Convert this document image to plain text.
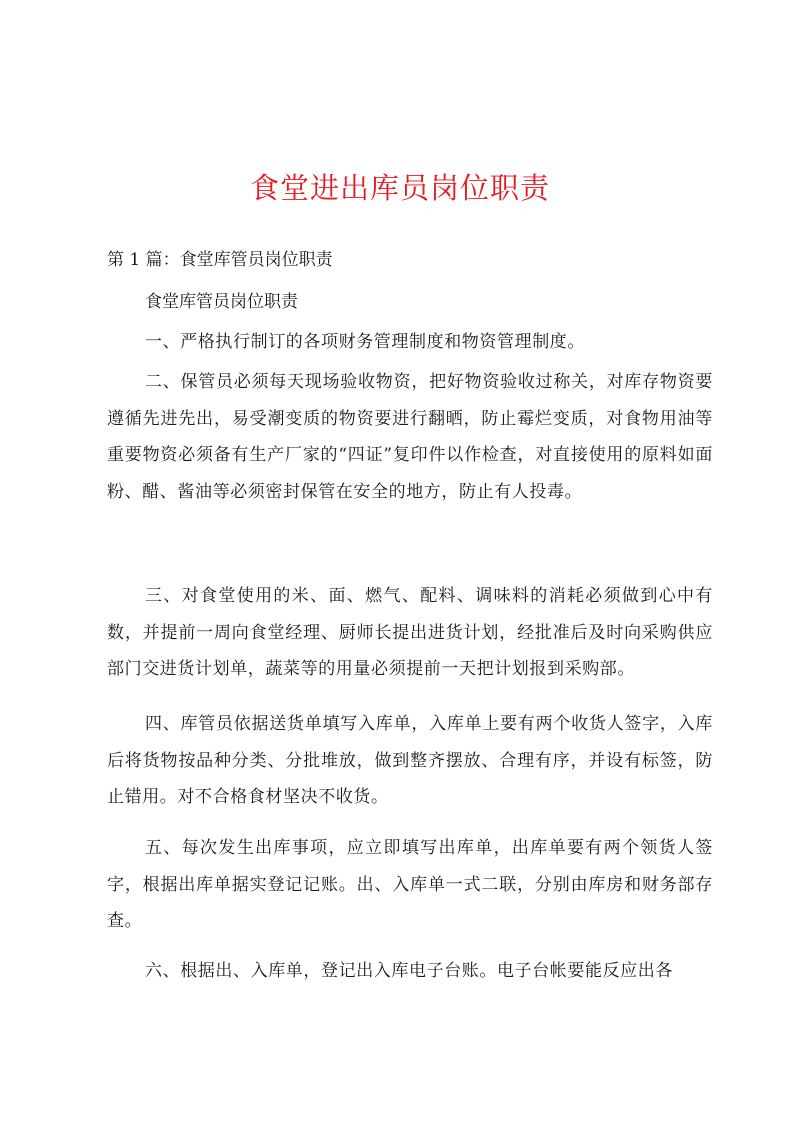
食堂进出库员岗位职责
第 1 篇：食堂库管员岗位职责

食堂库管员岗位职责

一、严格执行制订的各项财务管理制度和物资管理制度。

二、保管员必须每天现场验收物资，把好物资验收过称关，对库存物资要遵循先进先出，易受潮变质的物资要进行翻晒，防止霉烂变质，对食物用油等重要物资必须备有生产厂家的“四证”复印件以作检查，对直接使用的原料如面粉、醋、酱油等必须密封保管在安全的地方，防止有人投毒。

三、对食堂使用的米、面、燃气、配料、调味料的消耗必须做到心中有数，并提前一周向食堂经理、厨师长提出进货计划，经批准后及时向采购供应部门交进货计划单，蔬菜等的用量必须提前一天把计划报到采购部。

四、库管员依据送货单填写入库单，入库单上要有两个收货人签字，入库后将货物按品种分类、分批堆放，做到整齐摆放、合理有序，并设有标签，防止错用。对不合格食材坚决不收货。

五、每次发生出库事项，应立即填写出库单，出库单要有两个领货人签字，根据出库单据实登记记账。出、入库单一式二联，分别由库房和财务部存查。

六、根据出、入库单，登记出入库电子台账。电子台帐要能反应出各
